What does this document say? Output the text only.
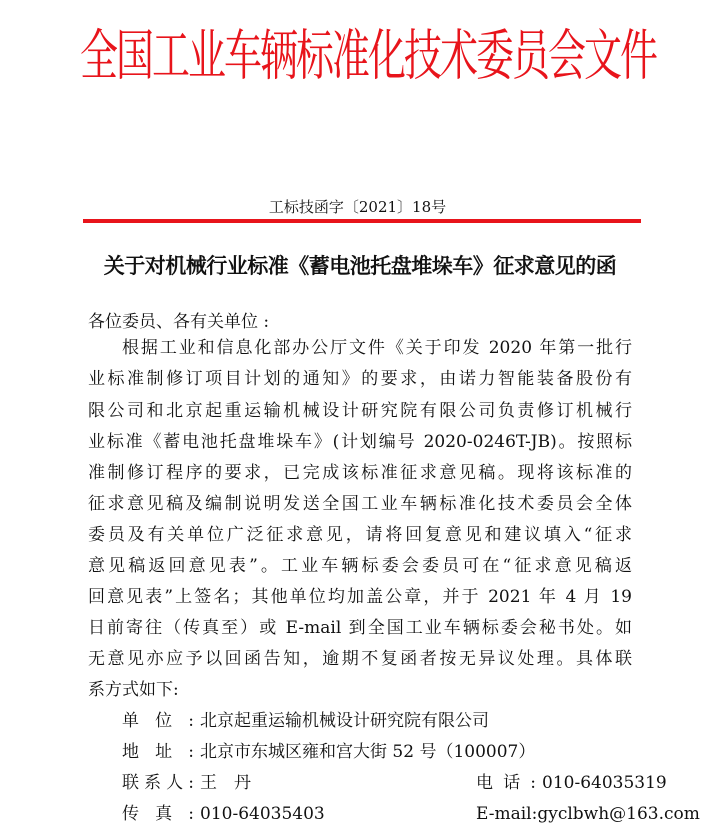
全国工业车辆标准化技术委员会文件
工标技函字〔2021〕18号
关于对机械行业标准《蓄电池托盘堆垛车》征求意见的函
各位委员、各有关单位 :
根据工业和信息化部办公厅文件《关于印发 2020 年第一批行
业标准制修订项目计划的通知》的要求，由诺力智能装备股份有
限公司和北京起重运输机械设计研究院有限公司负责修订机械行
业标准《蓄电池托盘堆垛车》(计划编号 2020-0246T-JB)。按照标
准制修订程序的要求，已完成该标准征求意见稿。现将该标准的
征求意见稿及编制说明发送全国工业车辆标准化技术委员会全体
委员及有关单位广泛征求意见，请将回复意见和建议填入“征求
意见稿返回意见表”。工业车辆标委会委员可在“征求意见稿返
回意见表”上签名；其他单位均加盖公章，并于 2021 年 4 月 19
日前寄往（传真至）或 E-mail 到全国工业车辆标委会秘书处。如
无意见亦应予以回函告知，逾期不复函者按无异议处理。具体联
系方式如下:
单位: 北京起重运输机械设计研究院有限公司
地址: 北京市东城区雍和宫大街 52 号（100007）
联系人: 王　丹	电话: 010-64035319
传真: 010-64035403	E-mail:gyclbwh@163.com
